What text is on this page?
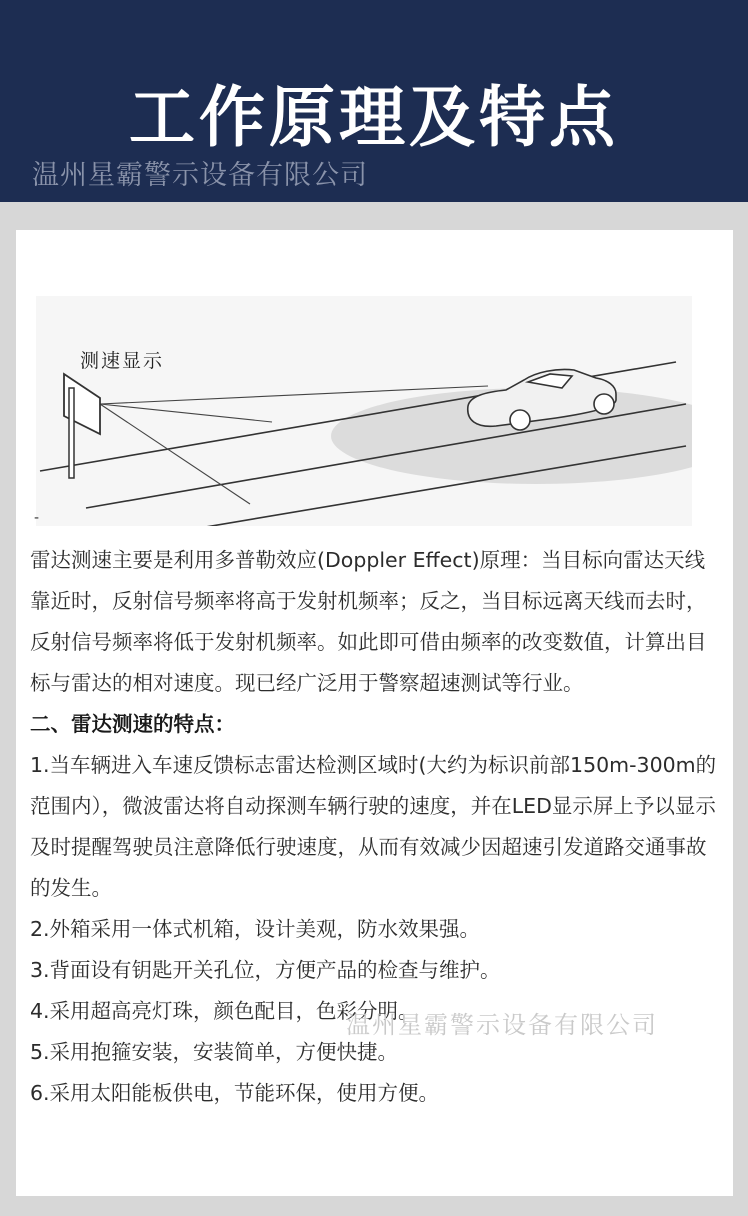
工作原理及特点
温州星霸警示设备有限公司
测速显示
-

雷达测速主要是利用多普勒效应(Doppler Effect)原理：当目标向雷达天线靠近时，反射信号频率将高于发射机频率；反之，当目标远离天线而去时，反射信号频率将低于发射机频率。如此即可借由频率的改变数值，计算出目标与雷达的相对速度。现已经广泛用于警察超速测试等行业。

二、雷达测速的特点：

1.当车辆进入车速反馈标志雷达检测区域时(大约为标识前部150m-300m的范围内），微波雷达将自动探测车辆行驶的速度，并在LED显示屏上予以显示及时提醒驾驶员注意降低行驶速度，从而有效减少因超速引发道路交通事故的发生。

2.外箱采用一体式机箱，设计美观，防水效果强。

3.背面设有钥匙开关孔位，方便产品的检查与维护。

4.采用超高亮灯珠，颜色配目，色彩分明。

5.采用抱箍安装，安装简单，方便快捷。

6.采用太阳能板供电，节能环保，使用方便。

温州星霸警示设备有限公司
